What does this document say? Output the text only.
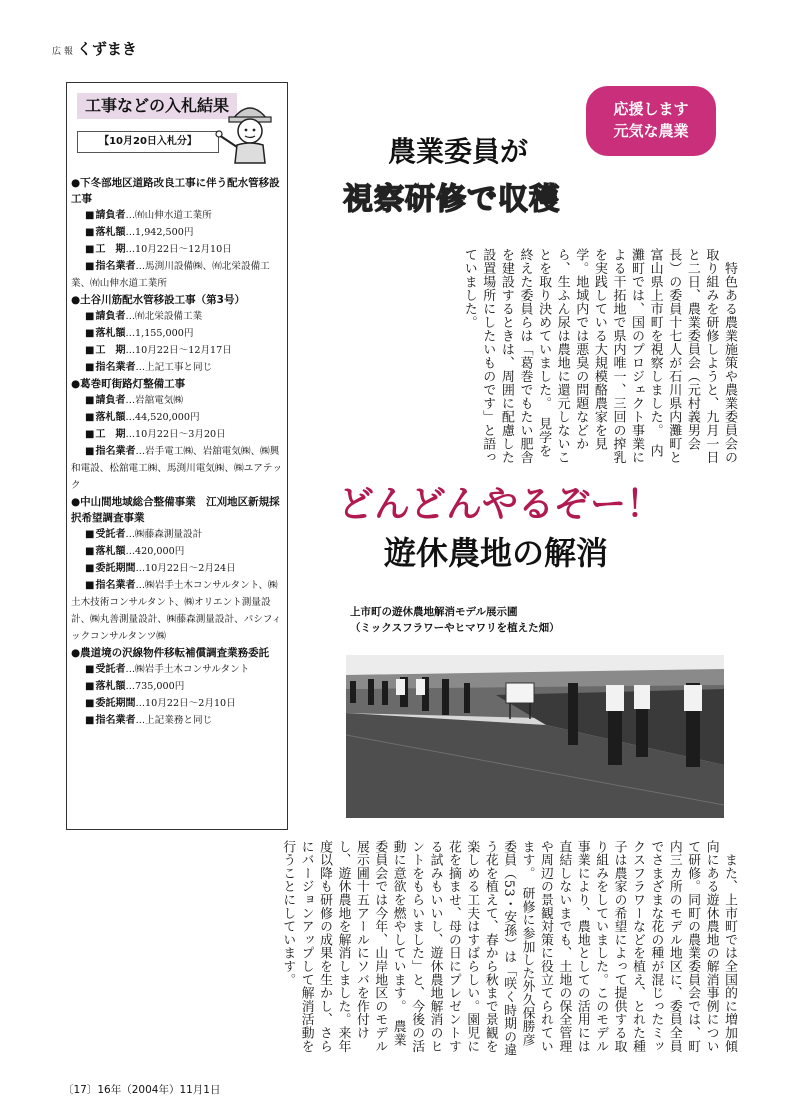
広 報 くずまき
工事などの入札結果
【10月20日入札分】
●下冬部地区道路改良工事に伴う配水管移設工事
■請負者…㈲山伸水道工業所
■落札額…1,942,500円
■工　期…10月22日～12月10日
■指名業者…馬渕川設備㈱、㈲北栄設備工業、㈲山伸水道工業所
●土谷川筋配水管移設工事（第3号）
■請負者…㈲北栄設備工業
■落札額…1,155,000円
■工　期…10月22日～12月17日
■指名業者…上記工事と同じ
●葛巻町街路灯整備工事
■請負者…岩舘電気㈱
■落札額…44,520,000円
■工　期…10月22日～3月20日
■指名業者…岩手電工㈱、岩舘電気㈱、㈱興和電設、松舘電工㈱、馬渕川電気㈱、㈱ユアテック
●中山間地域総合整備事業　江刈地区新規採択希望調査事業
■受託者…㈱藤森測量設計
■落札額…420,000円
■委託期間…10月22日～2月24日
■指名業者…㈱岩手土木コンサルタント、㈱土木技術コンサルタント、㈱オリエント測量設計、㈱丸善測量設計、㈱藤森測量設計、パシフィックコンサルタンツ㈱
●農道境の沢線物件移転補償調査業務委託
■受託者…㈱岩手土木コンサルタント
■落札額…735,000円
■委託期間…10月22日～2月10日
■指名業者…上記業務と同じ
応援します
元気な農業
農業委員が
視察研修で収穫
　特色ある農業施策や農業委員会の取り組みを研修しようと、九月一日と二日、農業委員会（元村義男会長）の委員十七人が石川県内灘町と富山県上市町を視察しました。　内灘町では、国のプロジェクト事業による干拓地で県内唯一、三回の搾乳を実践している大規模酪農家を見学。地域内では悪臭の問題などから、生ふん尿は農地に還元しないことを取り決めていました。　見学を終えた委員らは「葛巻でもたい肥舎を建設するときは、周囲に配慮した設置場所にしたいものです」と語っていました。
どんどんやるぞー！
遊休農地の解消
上市町の遊休農地解消モデル展示圃
（ミックスフラワーやヒマワリを植えた畑）
　また、上市町では全国的に増加傾向にある遊休農地の解消事例について研修。同町の農業委員会では、町内三カ所のモデル地区に、委員全員でさまざまな花の種が混じったミックスフラワーなどを植え、とれた種子は農家の希望によって提供する取り組みをしていました。このモデル事業により、農地としての活用には直結しないまでも、土地の保全管理や周辺の景観対策に役立てられています。　研修に参加した外久保勝彦委員（53・安孫）は「咲く時期の違う花を植えて、春から秋まで景観を楽しめる工夫はすばらしい。園児に花を摘ませ、母の日にプレゼントする試みもいいし、遊休農地解消のヒントをもらいました」と、今後の活動に意欲を燃やしています。　農業委員会では今年、山岸地区のモデル展示圃十五アールにソバを作付けし、遊休農地を解消しました。来年度以降も研修の成果を生かし、さらにバージョンアップして解消活動を行うことにしています。
〔17〕16年（2004年）11月1日
